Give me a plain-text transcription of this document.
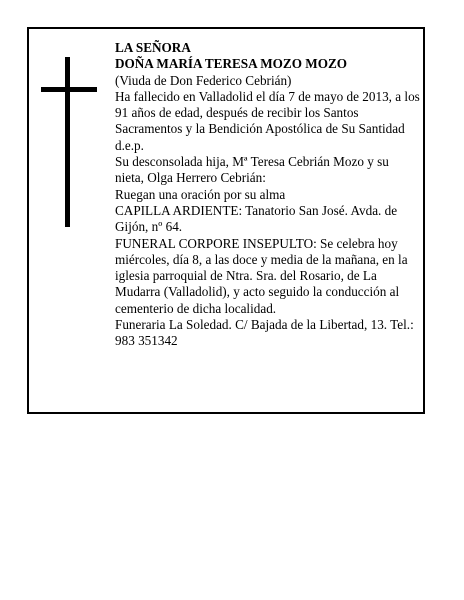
LA SEÑORA

DOÑA MARÍA TERESA MOZO MOZO

(Viuda de Don Federico Cebrián)

Ha fallecido en Valladolid el día 7 de mayo de 2013, a los 91 años de edad, después de recibir los Santos Sacramentos y la Bendición Apostólica de Su Santidad

d.e.p.

Su desconsolada hija, Mª Teresa Cebrián Mozo y su nieta, Olga Herrero Cebrián:

Ruegan una oración por su alma

CAPILLA ARDIENTE: Tanatorio San José. Avda. de Gijón, nº 64.

FUNERAL CORPORE INSEPULTO: Se celebra hoy miércoles, día 8, a las doce y media de la mañana, en la iglesia parroquial de Ntra. Sra. del Rosario, de La Mudarra (Valladolid), y acto seguido la conducción al cementerio de dicha localidad.

Funeraria La Soledad. C/ Bajada de la Libertad, 13. Tel.: 983 351342
